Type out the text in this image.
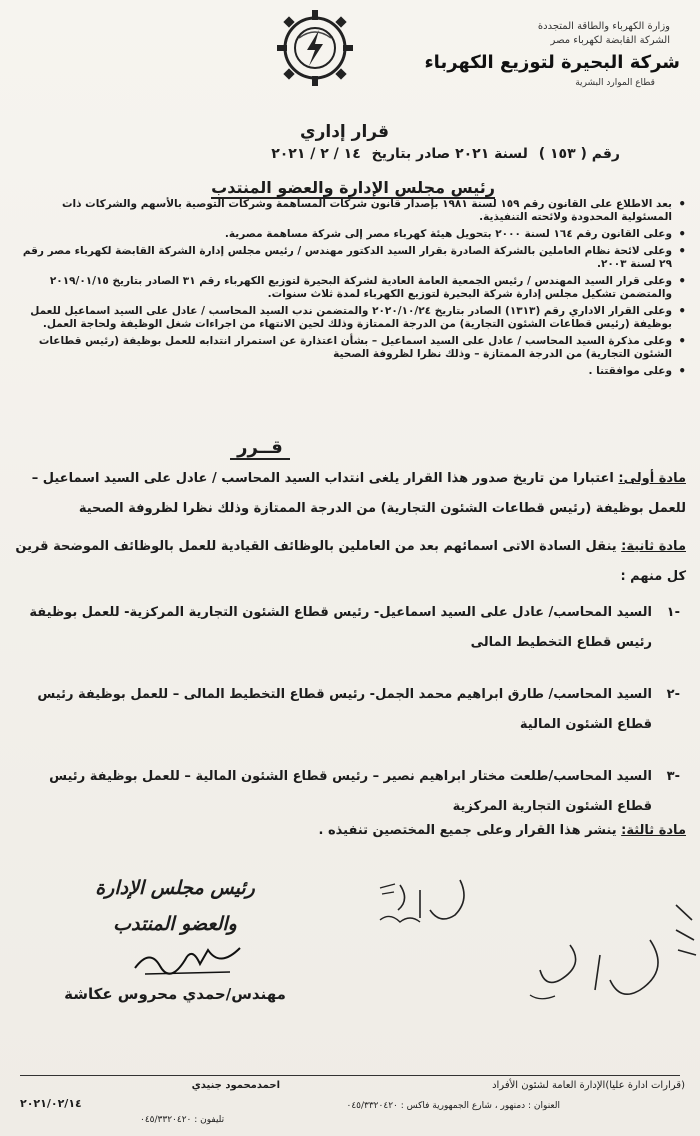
وزارة الكهرباء والطاقة المتجددة
الشركة القابضة لكهرباء مصر
شركة البحيرة لتوزيع الكهرباء
قطاع الموارد البشرية
قرار إداري
رقم ( ١٥٣ ) لسنة ٢٠٢١ صادر بتاريخ ١٤ / ٢ / ٢٠٢١
رئيس مجلس الإدارة والعضو المنتدب
• بعد الاطلاع على القانون رقم ١٥٩ لسنة ١٩٨١ بإصدار قانون شركات المساهمة وشركات التوصية بالأسهم والشركات ذات المسئولية المحدودة ولائحته التنفيذية.
• وعلى القانون رقم ١٦٤ لسنة ٢٠٠٠ بتحويل هيئة كهرباء مصر إلى شركة مساهمة مصرية.
• وعلى لائحة نظام العاملين بالشركة الصادرة بقرار السيد الدكتور مهندس / رئيس مجلس إدارة الشركة القابضة لكهرباء مصر رقم ٢٩ لسنة ٢٠٠٣.
• وعلى قرار السيد المهندس / رئيس الجمعية العامة العادية لشركة البحيرة لتوزيع الكهرباء رقم ٣١ الصادر بتاريخ ٢٠١٩/٠١/١٥ والمتضمن تشكيل مجلس إدارة شركة البحيرة لتوزيع الكهرباء لمدة ثلاث سنوات.
• وعلى القرار الاداري رقم (١٣١٣) الصادر بتاريخ ٢٠٢٠/١٠/٢٤ والمتضمن ندب السيد المحاسب / عادل على السيد اسماعيل للعمل بوظيفة (رئيس قطاعات الشئون التجارية) من الدرجة الممتازة وذلك لحين الانتهاء من اجراءات شغل الوظيفة ولحاجة العمل.
• وعلى مذكرة السيد المحاسب / عادل على السيد اسماعيل – بشأن اعتذارة عن استمرار انتدابه للعمل بوظيفة (رئيس قطاعات الشئون التجارية) من الدرجة الممتازة – وذلك نظرا لظروفة الصحية
• وعلى موافقتنا .
قــرر
مادة أولى: اعتبارا من تاريخ صدور هذا القرار يلغى انتداب السيد المحاسب / عادل على السيد اسماعيل – للعمل بوظيفة (رئيس قطاعات الشئون التجارية) من الدرجة الممتازة وذلك نظرا لظروفة الصحية
مادة ثانية: ينقل السادة الاتى اسمائهم بعد من العاملين بالوظائف القيادية للعمل بالوظائف الموضحة قرين كل منهم :
-١
السيد المحاسب/ عادل على السيد اسماعيل- رئيس قطاع الشئون التجارية المركزية- للعمل بوظيفة رئيس قطاع التخطيط المالى
-٢
السيد المحاسب/ طارق ابراهيم محمد الجمل- رئيس قطاع التخطيط المالى – للعمل بوظيفة رئيس قطاع الشئون المالية
-٣
السيد المحاسب/طلعت مختار ابراهيم نصير – رئيس قطاع الشئون المالية – للعمل بوظيفة رئيس قطاع الشئون التجارية المركزية
مادة ثالثة: ينشر هذا القرار وعلى جميع المختصين تنفيذه .
رئيس مجلس الإدارة
والعضو المنتدب
مهندس/حمدي محروس عكاشة
(قرارات ادارة عليا)الإدارة العامة لشئون الأفراد
احمدمحمود جنيدي
٢٠٢١/٠٢/١٤	العنوان : دمنهور ، شارع الجمهورية فاكس : ٠٤٥/٣٣٢٠٤٢٠
تليفون : ٠٤٥/٣٣٢٠٤٢٠
